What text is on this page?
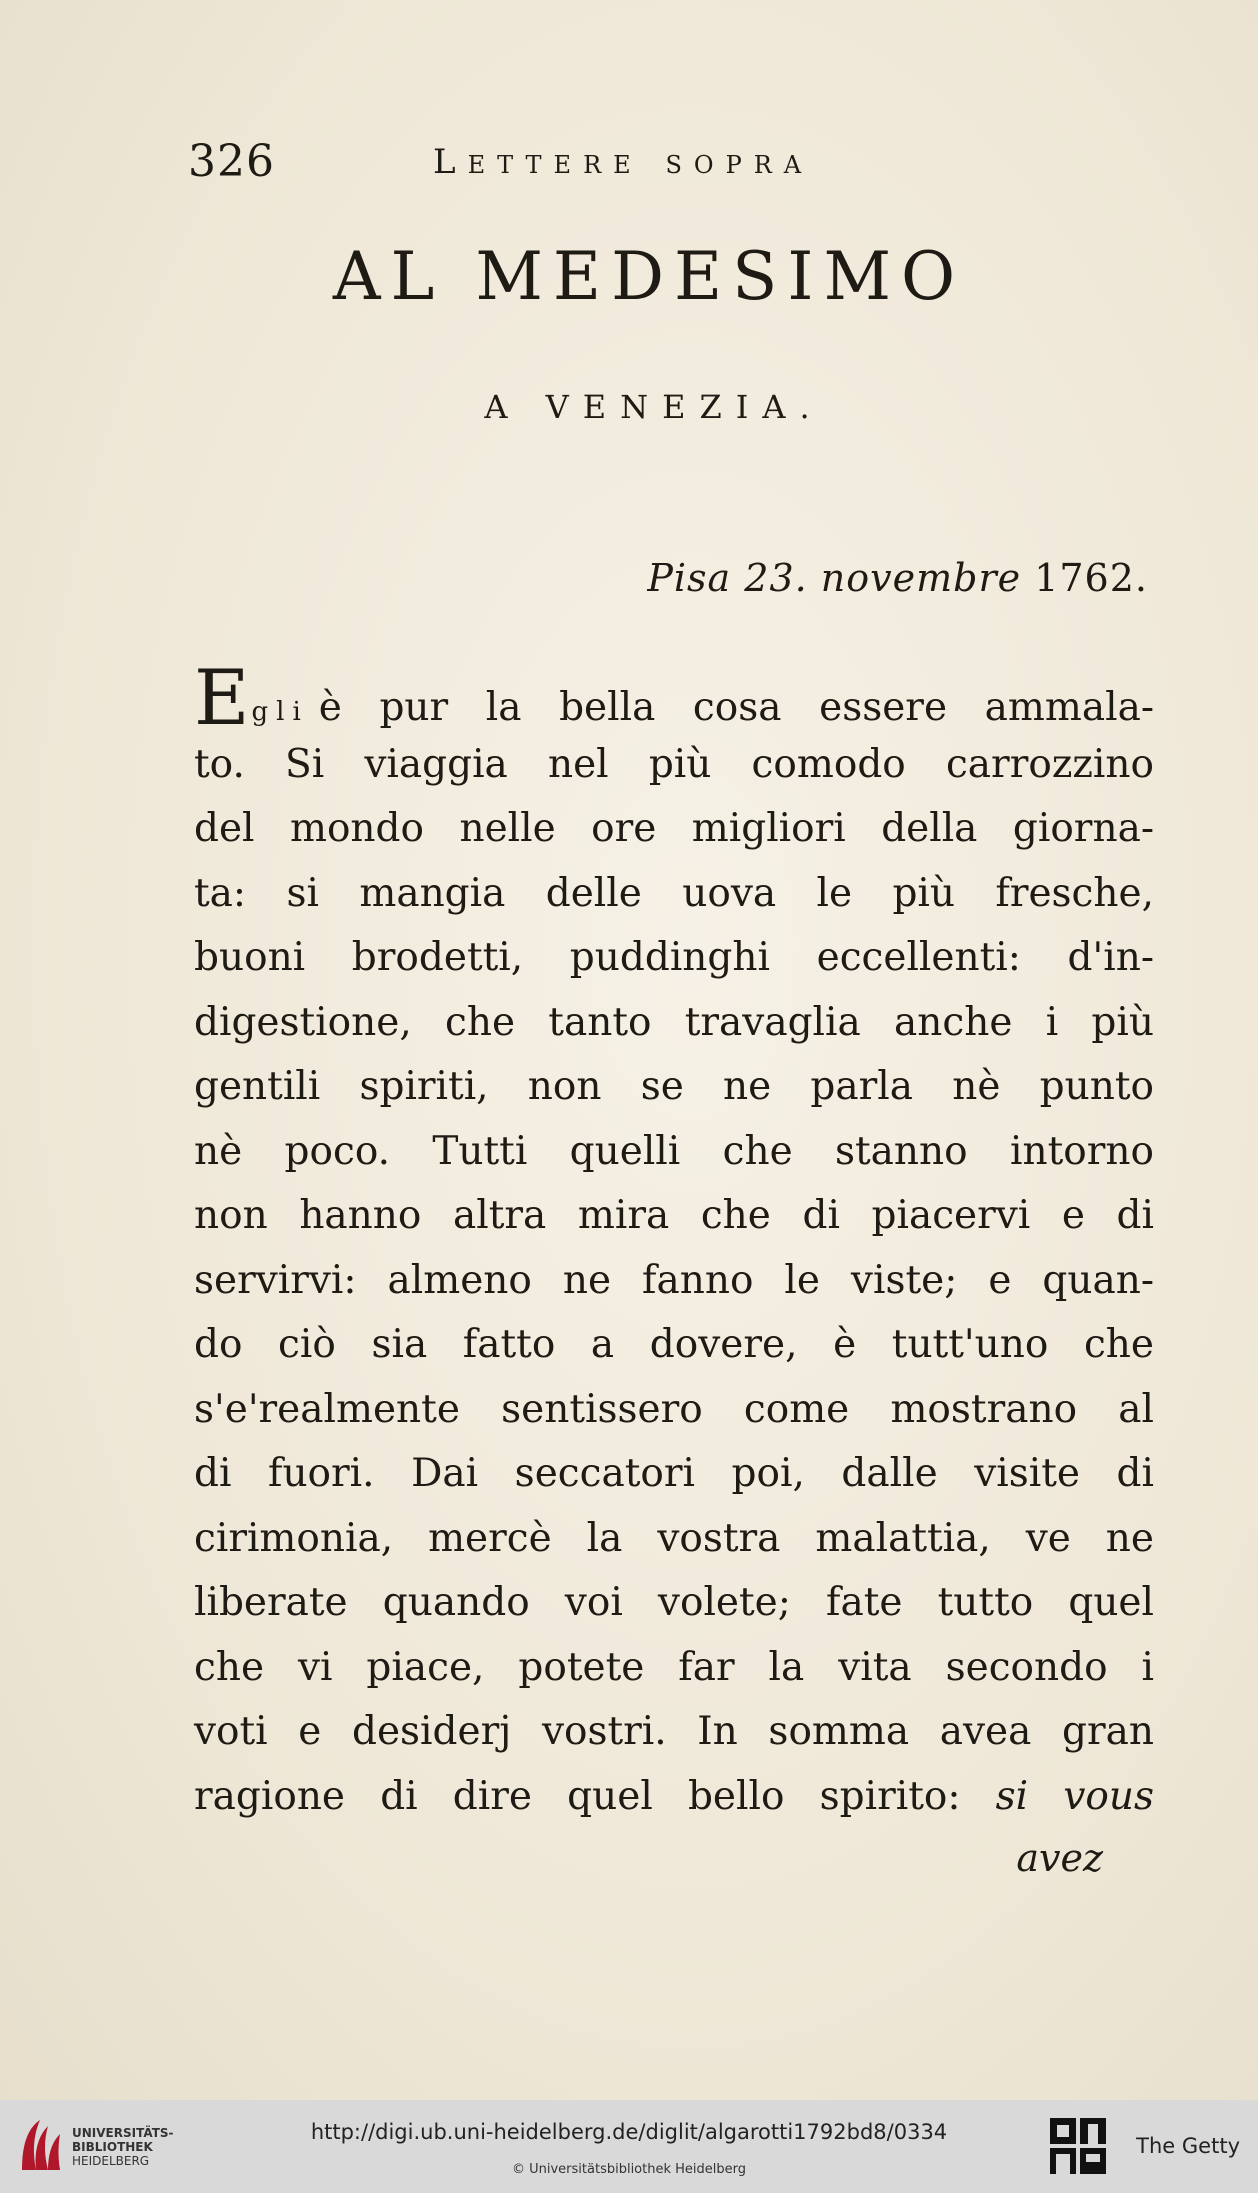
326	Lettere sopra
AL MEDESIMO
A VENEZIA.
Pisa 23. novembre 1762.
Egli è pur la bella cosa essere ammala-
to. Si viaggia nel più comodo carrozzino
del mondo nelle ore migliori della giorna-
ta: si mangia delle uova le più fresche,
buoni brodetti, puddinghi eccellenti: d'in-
digestione, che tanto travaglia anche i più
gentili spiriti, non se ne parla nè punto
nè poco. Tutti quelli che stanno intorno
non hanno altra mira che di piacervi e di
servirvi: almeno ne fanno le viste; e quan-
do ciò sia fatto a dovere, è tutt'uno che
s'e'realmente sentissero come mostrano al
di fuori. Dai seccatori poi, dalle visite di
cirimonia, mercè la vostra malattia, ve ne
liberate quando voi volete; fate tutto quel
che vi piace, potete far la vita secondo i
voti e desiderj vostri. In somma avea gran
ragione di dire quel bello spirito: si vous
avez
UNIVERSITÄTS-
BIBLIOTHEK
HEIDELBERG
http://digi.ub.uni-heidelberg.de/diglit/algarotti1792bd8/0334
© Universitätsbibliothek Heidelberg
The Getty
